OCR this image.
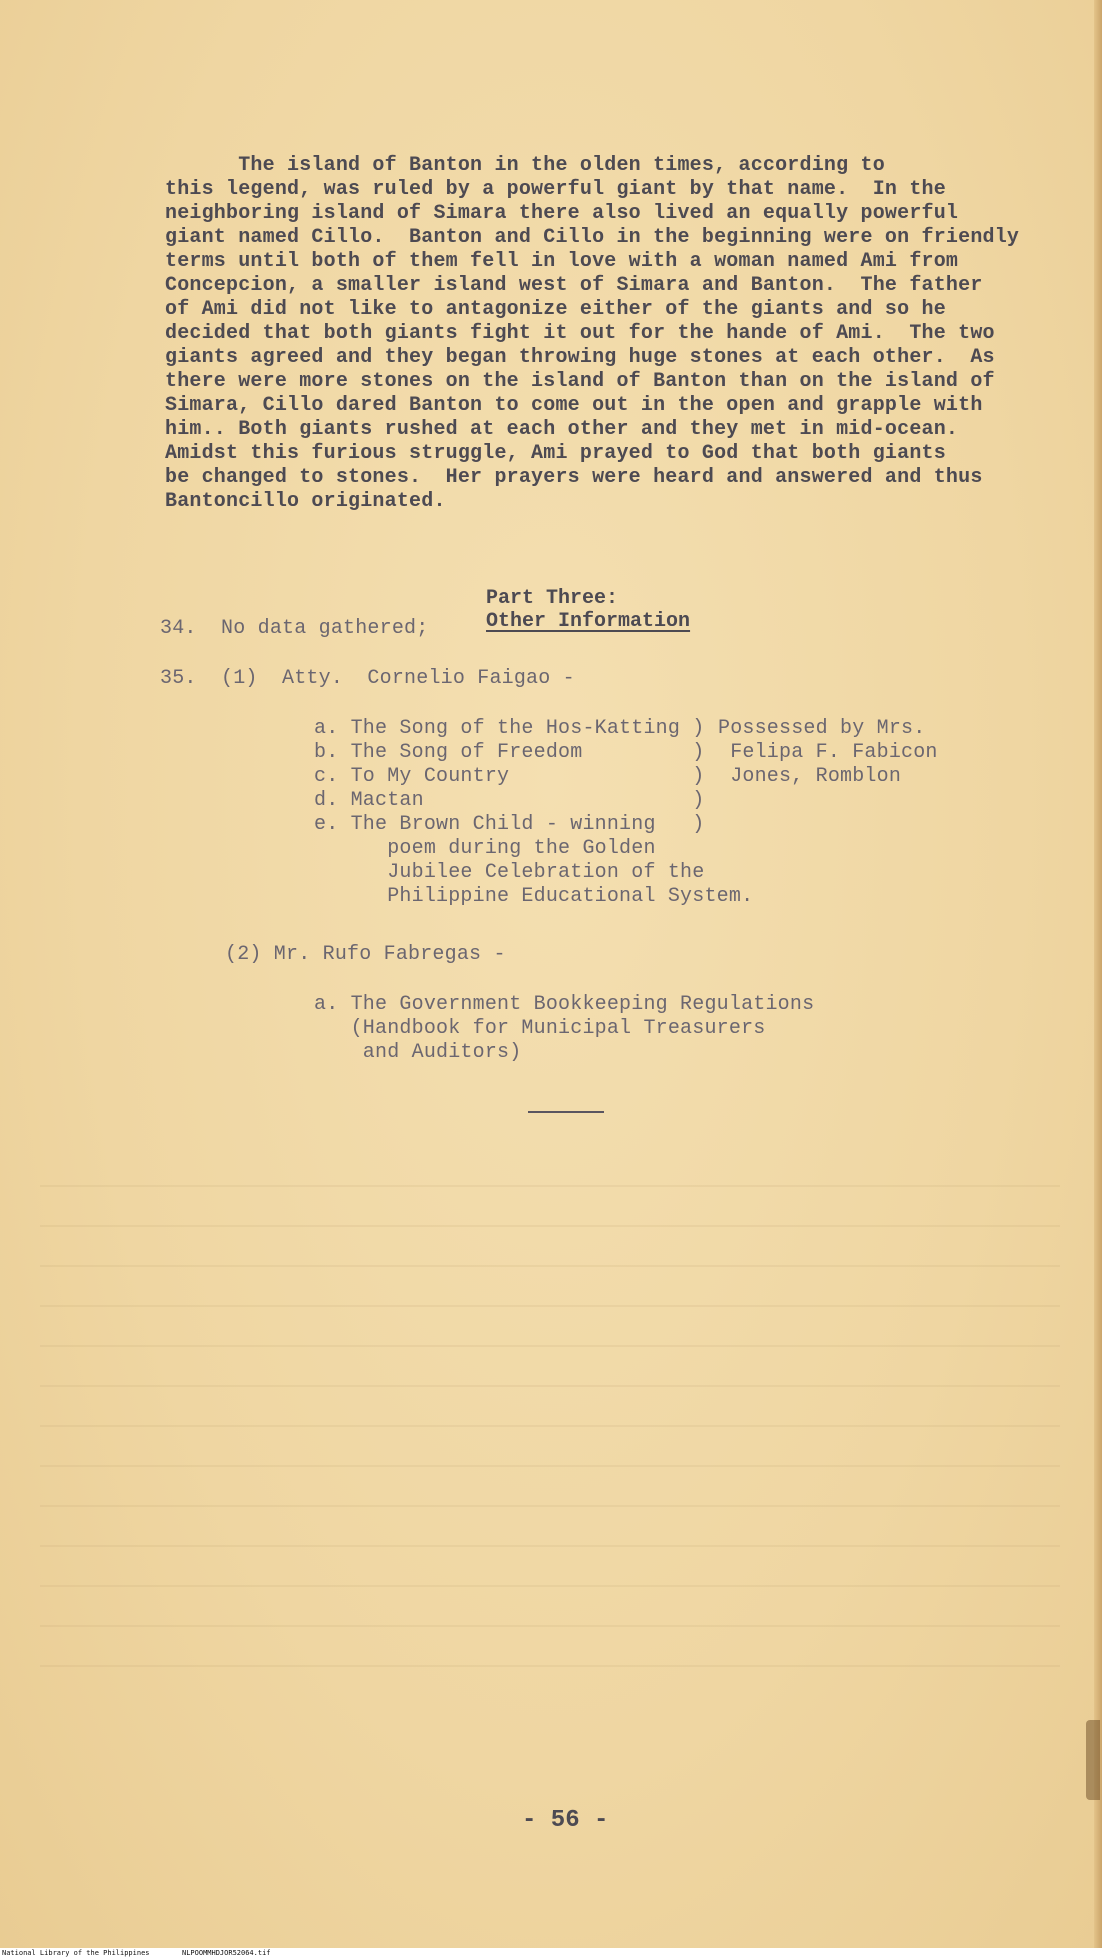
The island of Banton in the olden times, according to
this legend, was ruled by a powerful giant by that name.  In the
neighboring island of Simara there also lived an equally powerful
giant named Cillo.  Banton and Cillo in the beginning were on friendly
terms until both of them fell in love with a woman named Ami from
Concepcion, a smaller island west of Simara and Banton.  The father
of Ami did not like to antagonize either of the giants and so he
decided that both giants fight it out for the hande of Ami.  The two
giants agreed and they began throwing huge stones at each other.  As
there were more stones on the island of Banton than on the island of
Simara, Cillo dared Banton to come out in the open and grapple with
him.. Both giants rushed at each other and they met in mid-ocean.
Amidst this furious struggle, Ami prayed to God that both giants
be changed to stones.  Her prayers were heard and answered and thus
Bantoncillo originated.

Part Three:
Other Information

34.  No data gathered;
35.  (1)  Atty.  Cornelio Faigao -
a. The Song of the Hos-Katting )
b. The Song of Freedom         )
c. To My Country               )
d. Mactan                      )
e. The Brown Child - winning   )
poem during the Golden
Jubilee Celebration of the
Philippine Educational System.
Possessed by Mrs.
Felipa F. Fabicon
Jones, Romblon
(2) Mr. Rufo Fabregas -
a. The Government Bookkeeping Regulations
(Handbook for Municipal Treasurers
and Auditors)
- 56 -
National Library of the Philippines	NLPOOMMHDJOR52064.tif
